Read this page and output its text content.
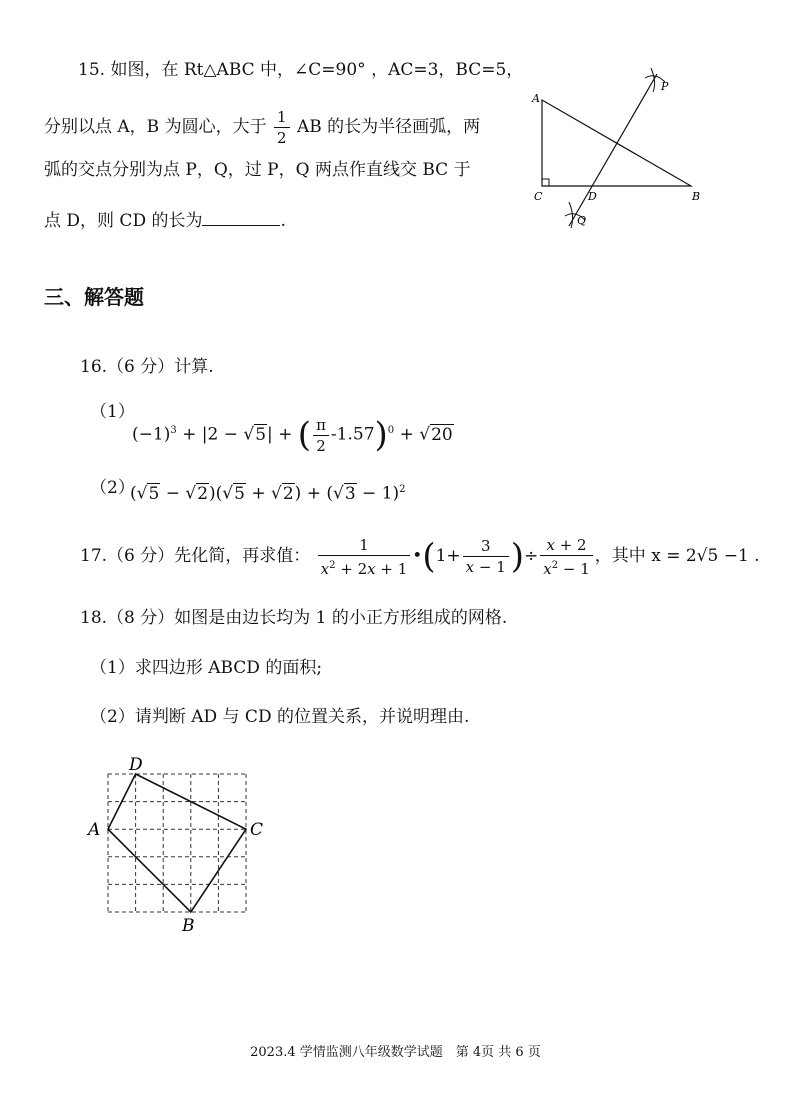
15. 如图，在 Rt△ABC 中，∠C=90° ，AC=3，BC=5，
分别以点 A，B 为圆心，大于 $\frac{1}{2}$ AB 的长为半径画弧，两
弧的交点分别为点 P，Q，过 P，Q 两点作直线交 BC 于
点 D，则 CD 的长为	.
A
C	D	B
P
Q
三、解答题
16.（6 分）计算.
（1）
$(-1)^3 + |2 - √5|$ + ( $\frac{\pi}{2} -1.57)^0 + √20$
（2）
$(√5 - √2)(√5 + √2) + (√3 - 1)^2$
17.（6 分）先化简，再求值： $\frac{1}{x^2 + 2x + 1}$ •(1+ $\frac{3}{x - 1}$ )÷ $\frac{x + 2}{x^2 - 1}$ ，其中 x = 2√5 −1 .
18.（8 分）如图是由边长均为 1 的小正方形组成的网格.
（1）求四边形 ABCD 的面积;
（2）请判断 AD 与 CD 的位置关系，并说明理由.
D
A	C
B
2023.4 学情监测八年级数学试题　第 4页 共 6 页
